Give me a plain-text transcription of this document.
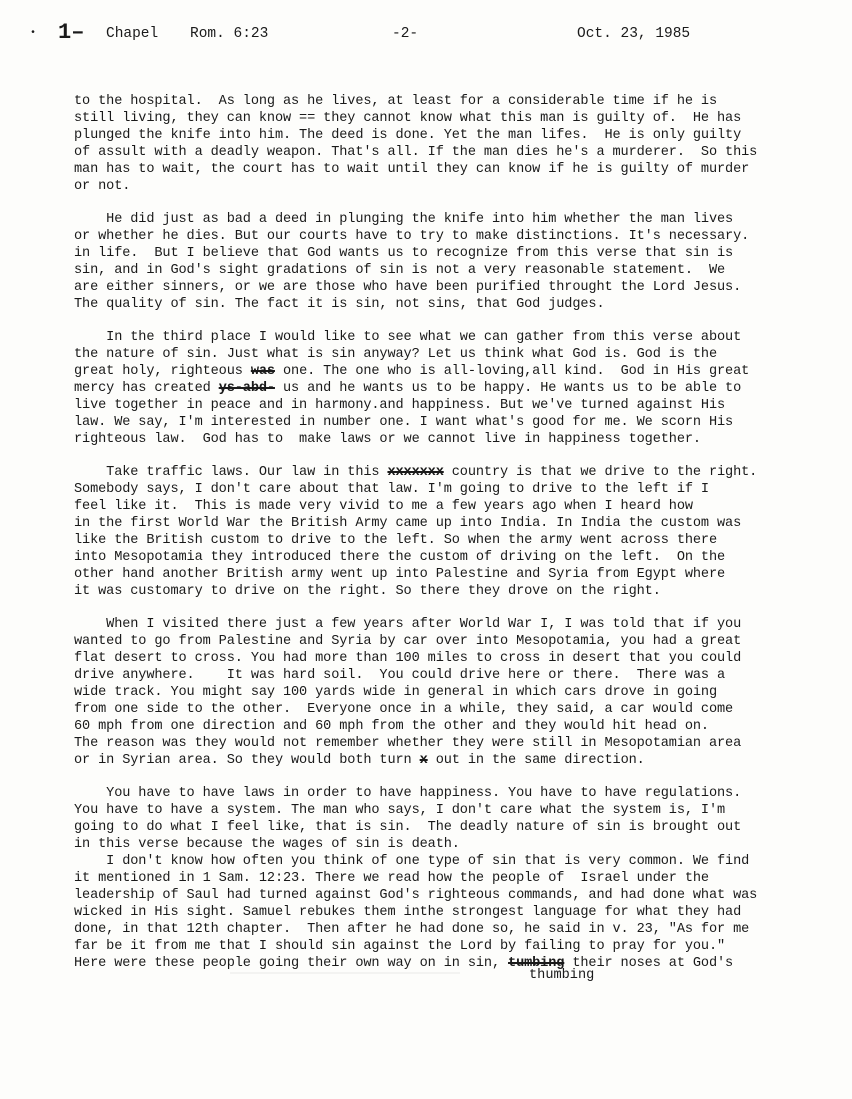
• 1– Chapel Rom. 6:23	-2-	Oct. 23, 1985
to the hospital.  As long as he lives, at least for a considerable time if he is
still living, they can know == they cannot know what this man is guilty of.  He has
plunged the knife into him. The deed is done. Yet the man lifes.  He is only guilty
of assult with a deadly weapon. That's all. If the man dies he's a murderer.  So this
man has to wait, the court has to wait until they can know if he is guilty of murder
or not.
He did just as bad a deed in plunging the knife into him whether the man lives
or whether he dies. But our courts have to try to make distinctions. It's necessary.
in life.  But I believe that God wants us to recognize from this verse that sin is
sin, and in God's sight gradations of sin is not a very reasonable statement.  We
are either sinners, or we are those who have been purified throught the Lord Jesus.
The quality of sin. The fact it is sin, not sins, that God judges.
In the third place I would like to see what we can gather from this verse about
the nature of sin. Just what is sin anyway? Let us think what God is. God is the
great holy, righteous was one. The one who is all-loving,all kind.  God in His great
mercy has created ys-abd- us and he wants us to be happy. He wants us to be able to
live together in peace and in harmony.and happiness. But we've turned against His
law. We say, I'm interested in number one. I want what's good for me. We scorn His
righteous law.  God has to  make laws or we cannot live in happiness together.
Take traffic laws. Our law in this xxxxxxx country is that we drive to the right.
Somebody says, I don't care about that law. I'm going to drive to the left if I
feel like it.  This is made very vivid to me a few years ago when I heard how
in the first World War the British Army came up into India. In India the custom was
like the British custom to drive to the left. So when the army went across there
into Mesopotamia they introduced there the custom of driving on the left.  On the
other hand another British army went up into Palestine and Syria from Egypt where
it was customary to drive on the right. So there they drove on the right.
When I visited there just a few years after World War I, I was told that if you
wanted to go from Palestine and Syria by car over into Mesopotamia, you had a great
flat desert to cross. You had more than 100 miles to cross in desert that you could
drive anywhere.    It was hard soil.  You could drive here or there.  There was a
wide track. You might say 100 yards wide in general in which cars drove in going
from one side to the other.  Everyone once in a while, they said, a car would come
60 mph from one direction and 60 mph from the other and they would hit head on.
The reason was they would not remember whether they were still in Mesopotamian area
or in Syrian area. So they would both turn x out in the same direction.
You have to have laws in order to have happiness. You have to have regulations.
You have to have a system. The man who says, I don't care what the system is, I'm
going to do what I feel like, that is sin.  The deadly nature of sin is brought out
in this verse because the wages of sin is death.
I don't know how often you think of one type of sin that is very common. We find
it mentioned in 1 Sam. 12:23. There we read how the people of  Israel under the
leadership of Saul had turned against God's righteous commands, and had done what was
wicked in His sight. Samuel rebukes them inthe strongest language for what they had
done, in that 12th chapter.  Then after he had done so, he said in v. 23, "As for me
far be it from me that I should sin against the Lord by failing to pray for you."
Here were these people going their own way on in sin, tumbing their noses at God's
thumbing
